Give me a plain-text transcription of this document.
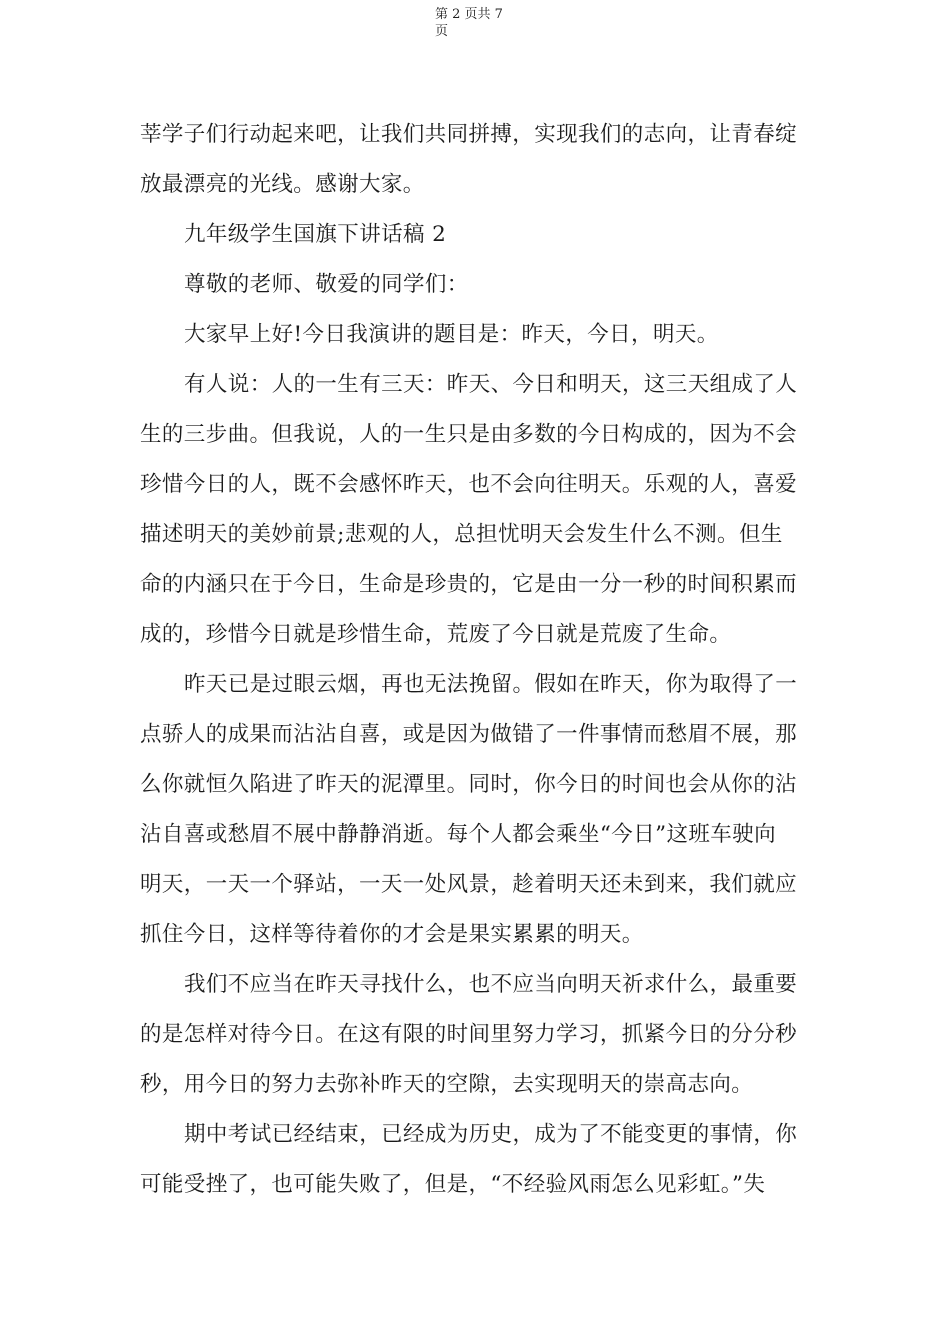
第 2 页共 7
页
莘学子们行动起来吧，让我们共同拼搏，实现我们的志向，让青春绽
放最漂亮的光线。感谢大家。
九年级学生国旗下讲话稿 2
尊敬的老师、敬爱的同学们：
大家早上好!今日我演讲的题目是：昨天，今日，明天。
有人说：人的一生有三天：昨天、今日和明天，这三天组成了人
生的三步曲。但我说，人的一生只是由多数的今日构成的，因为不会
珍惜今日的人，既不会感怀昨天，也不会向往明天。乐观的人，喜爱
描述明天的美妙前景;悲观的人，总担忧明天会发生什么不测。但生
命的内涵只在于今日，生命是珍贵的，它是由一分一秒的时间积累而
成的，珍惜今日就是珍惜生命，荒废了今日就是荒废了生命。
昨天已是过眼云烟，再也无法挽留。假如在昨天，你为取得了一
点骄人的成果而沾沾自喜，或是因为做错了一件事情而愁眉不展，那
么你就恒久陷进了昨天的泥潭里。同时，你今日的时间也会从你的沾
沾自喜或愁眉不展中静静消逝。每个人都会乘坐“今日”这班车驶向
明天，一天一个驿站，一天一处风景，趁着明天还未到来，我们就应
抓住今日，这样等待着你的才会是果实累累的明天。
我们不应当在昨天寻找什么，也不应当向明天祈求什么，最重要
的是怎样对待今日。在这有限的时间里努力学习，抓紧今日的分分秒
秒，用今日的努力去弥补昨天的空隙，去实现明天的崇高志向。
期中考试已经结束，已经成为历史，成为了不能变更的事情，你
可能受挫了，也可能失败了，但是，“不经验风雨怎么见彩虹。”失
